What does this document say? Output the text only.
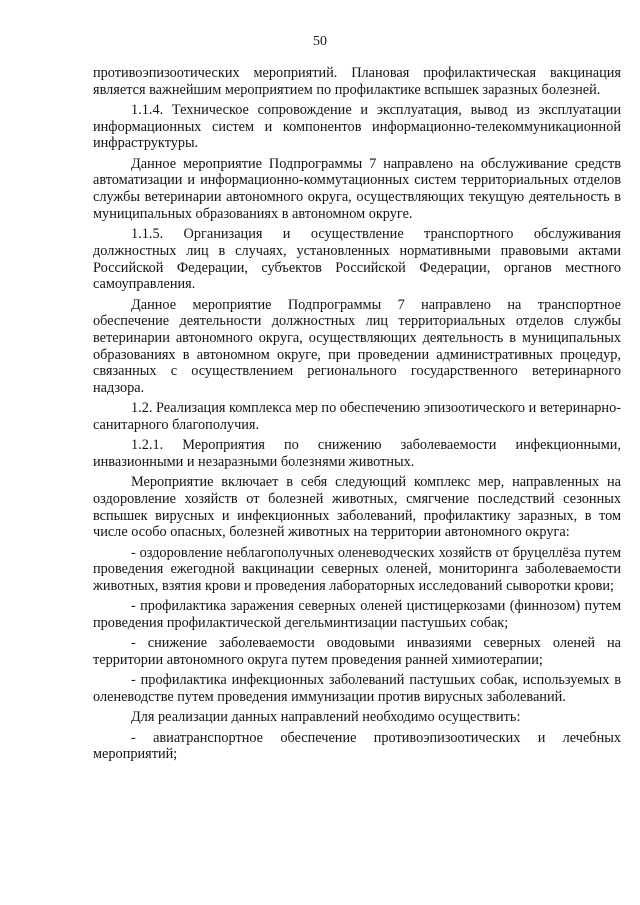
50

противоэпизоотических мероприятий. Плановая профилактическая вакцинация является важнейшим мероприятием по профилактике вспышек заразных болезней.

1.1.4. Техническое сопровождение и эксплуатация, вывод из эксплуатации информационных систем и компонентов информационно-телекоммуникационной инфраструктуры.

Данное мероприятие Подпрограммы 7 направлено на обслуживание средств автоматизации и информационно-коммутационных систем территориальных отделов службы ветеринарии автономного округа, осуществляющих текущую деятельность в муниципальных образованиях в автономном округе.

1.1.5. Организация и осуществление транспортного обслуживания должностных лиц в случаях, установленных нормативными правовыми актами Российской Федерации, субъектов Российской Федерации, органов местного самоуправления.

Данное мероприятие Подпрограммы 7 направлено на транспортное обеспечение деятельности должностных лиц территориальных отделов службы ветеринарии автономного округа, осуществляющих деятельность в муниципальных образованиях в автономном округе, при проведении административных процедур, связанных с осуществлением регионального государственного ветеринарного надзора.

1.2. Реализация комплекса мер по обеспечению эпизоотического и ветеринарно-санитарного благополучия.

1.2.1. Мероприятия по снижению заболеваемости инфекционными, инвазионными и незаразными болезнями животных.

Мероприятие включает в себя следующий комплекс мер, направленных на оздоровление хозяйств от болезней животных, смягчение последствий сезонных вспышек вирусных и инфекционных заболеваний, профилактику заразных, в том числе особо опасных, болезней животных на территории автономного округа:

- оздоровление неблагополучных оленеводческих хозяйств от бруцеллёза путем проведения ежегодной вакцинации северных оленей, мониторинга заболеваемости животных, взятия крови и проведения лабораторных исследований сыворотки крови;

- профилактика заражения северных оленей цистицеркозами (финнозом) путем проведения профилактической дегельминтизации пастушьих собак;

- снижение заболеваемости оводовыми инвазиями северных оленей на территории автономного округа путем проведения ранней химиотерапии;

- профилактика инфекционных заболеваний пастушьих собак, используемых в оленеводстве путем проведения иммунизации против вирусных заболеваний.

Для реализации данных направлений необходимо осуществить:

- авиатранспортное обеспечение противоэпизоотических и лечебных мероприятий;
